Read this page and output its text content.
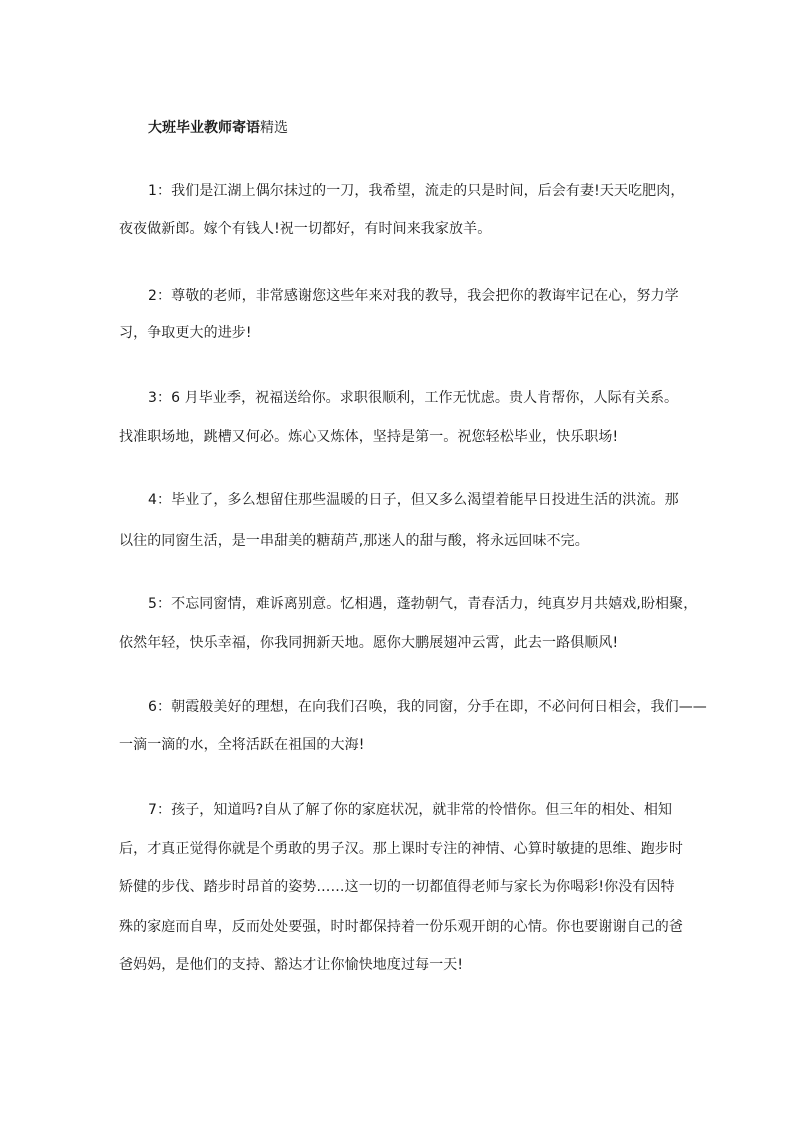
大班毕业教师寄语精选
1：我们是江湖上偶尔抹过的一刀，我希望，流走的只是时间，后会有妻!天天吃肥肉，
夜夜做新郎。嫁个有钱人!祝一切都好，有时间来我家放羊。
2：尊敬的老师，非常感谢您这些年来对我的教导，我会把你的教诲牢记在心，努力学
习，争取更大的进步!
3：6 月毕业季，祝福送给你。求职很顺利，工作无忧虑。贵人肯帮你，人际有关系。
找准职场地，跳槽又何必。炼心又炼体，坚持是第一。祝您轻松毕业，快乐职场!
4：毕业了，多么想留住那些温暖的日子，但又多么渴望着能早日投进生活的洪流。那
以往的同窗生活，是一串甜美的糖葫芦,那迷人的甜与酸，将永远回味不完。
5：不忘同窗情，难诉离别意。忆相遇，蓬勃朝气，青春活力，纯真岁月共嬉戏,盼相聚，
依然年轻，快乐幸福，你我同拥新天地。愿你大鹏展翅冲云霄，此去一路俱顺风!
6：朝霞般美好的理想，在向我们召唤，我的同窗，分手在即，不必问何日相会，我们——
一滴一滴的水，全将活跃在祖国的大海!
7：孩子，知道吗?自从了解了你的家庭状况，就非常的怜惜你。但三年的相处、相知
后，才真正觉得你就是个勇敢的男子汉。那上课时专注的神情、心算时敏捷的思维、跑步时
矫健的步伐、踏步时昂首的姿势……这一切的一切都值得老师与家长为你喝彩!你没有因特
殊的家庭而自卑，反而处处要强，时时都保持着一份乐观开朗的心情。你也要谢谢自己的爸
爸妈妈，是他们的支持、豁达才让你愉快地度过每一天!
